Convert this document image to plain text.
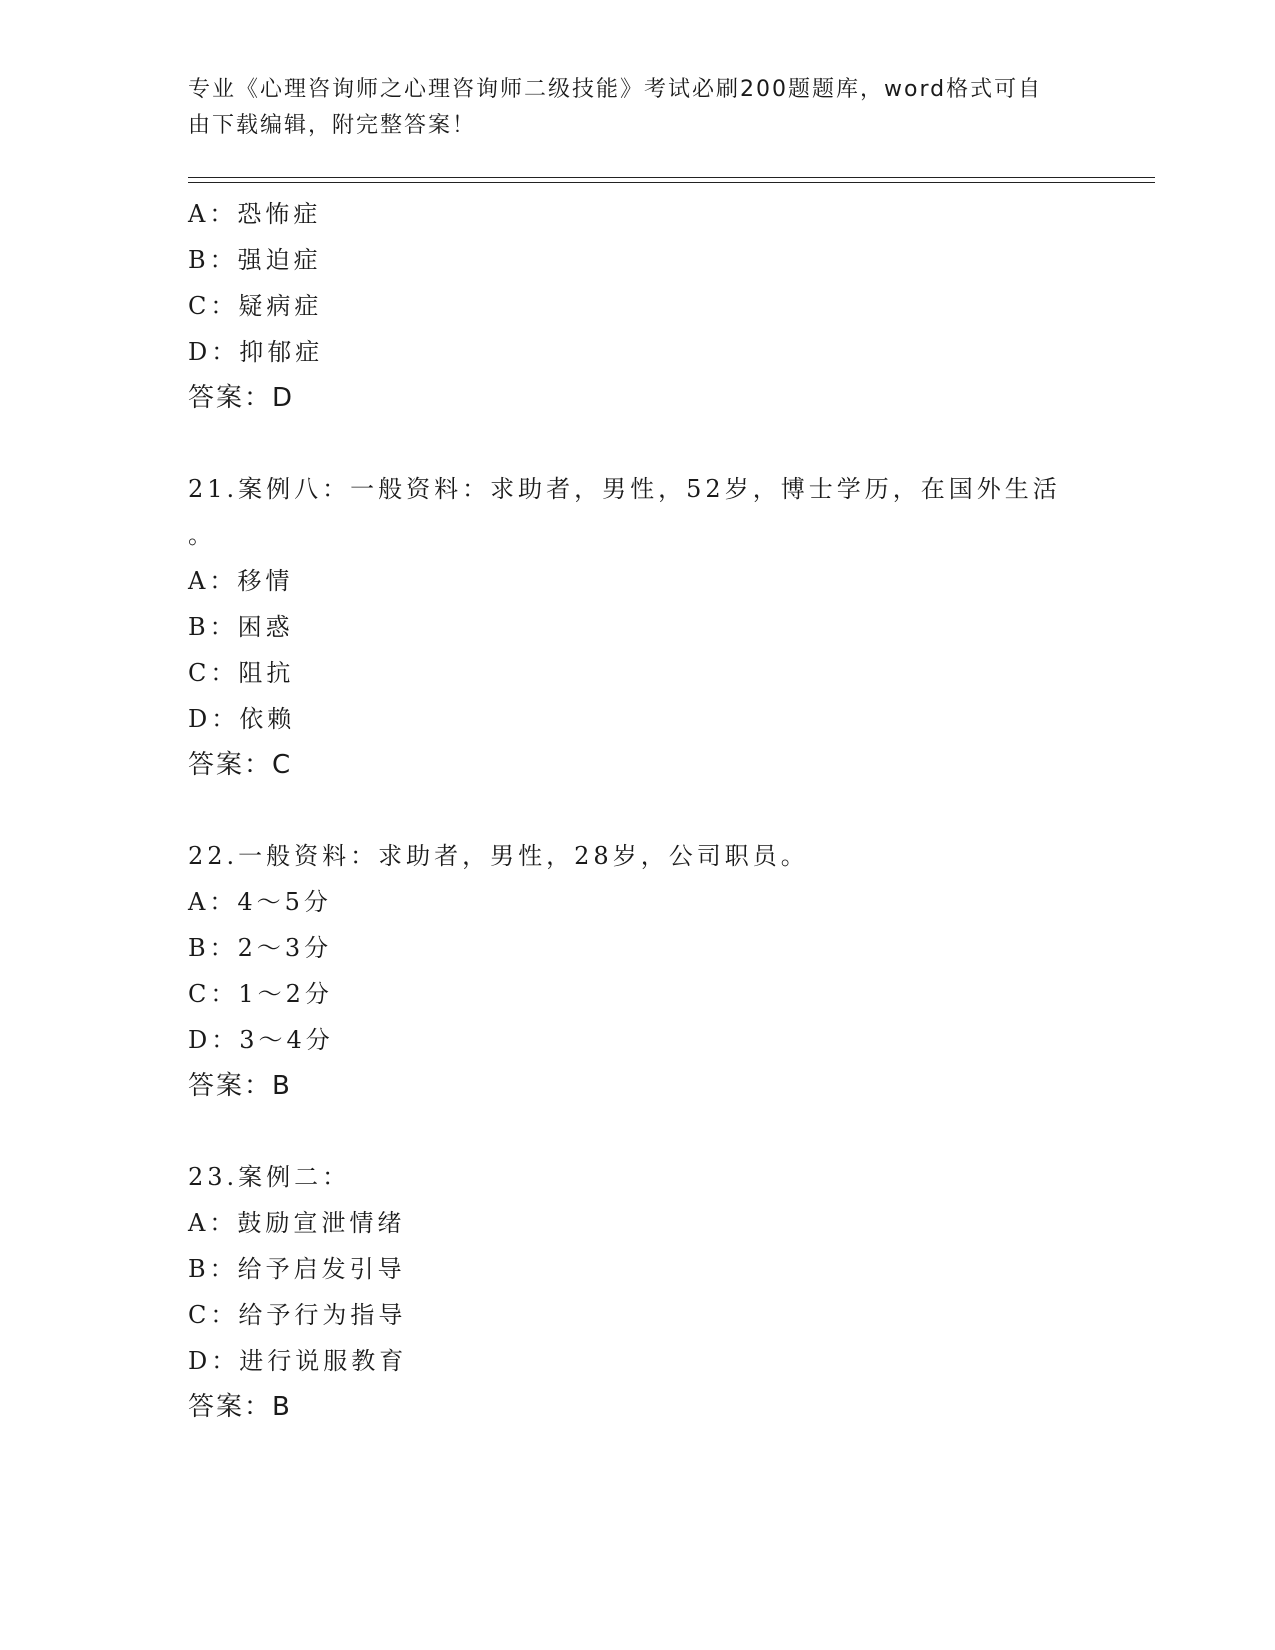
专业《心理咨询师之心理咨询师二级技能》考试必刷200题题库，word格式可自
由下载编辑，附完整答案！
A：恐怖症
B：强迫症
C：疑病症
D：抑郁症
答案：D
21.案例八：一般资料：求助者，男性，52岁，博士学历，在国外生活
。
A：移情
B：困惑
C：阻抗
D：依赖
答案：C
22.一般资料：求助者，男性，28岁，公司职员。
A：4～5分
B：2～3分
C：1～2分
D：3～4分
答案：B
23.案例二：
A：鼓励宣泄情绪
B：给予启发引导
C：给予行为指导
D：进行说服教育
答案：B
